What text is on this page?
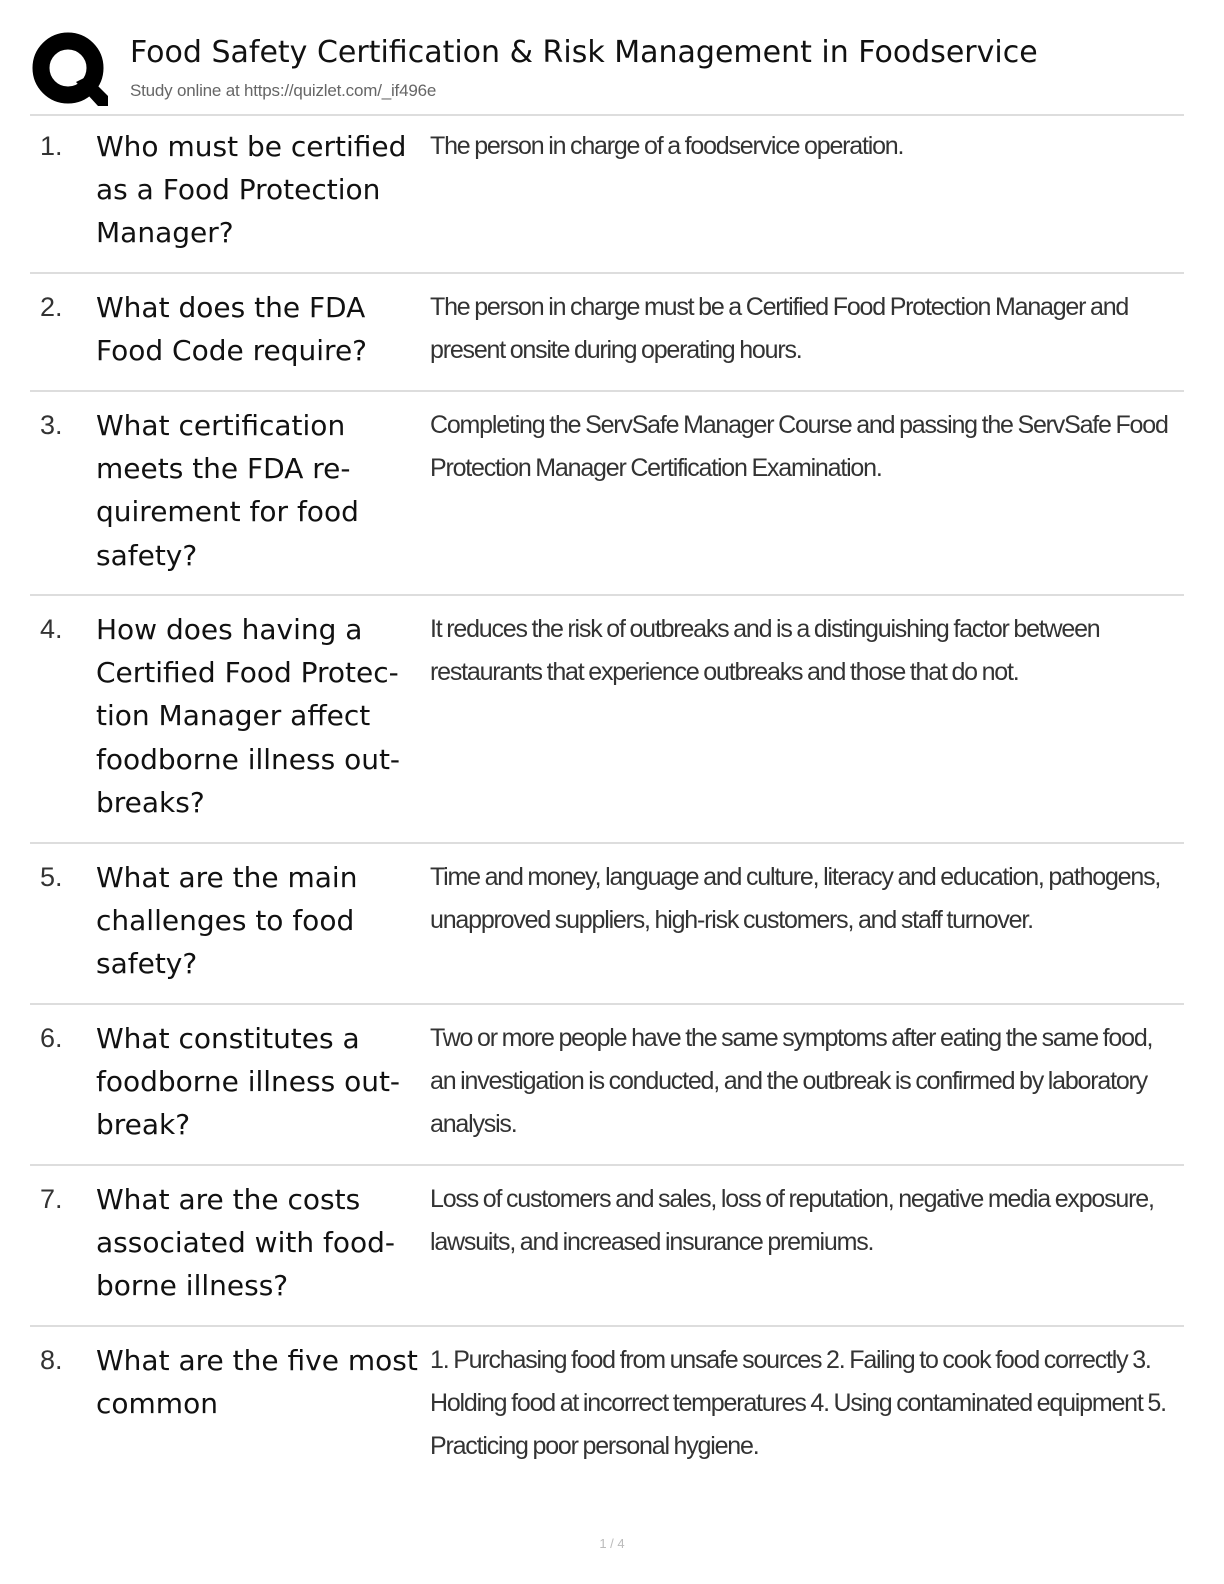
Food Safety Certification & Risk Management in Foodservice
Study online at https://quizlet.com/_if496e
1.	Who must be certified as a Food Protection Manager?
The person in charge of a foodservice operation.
2.	What does the FDA Food Code require?
The person in charge must be a Certified Food Protection Manager and present onsite during operating hours.
3.	What certification meets the FDA re-quirement for food safety?
Completing the ServSafe Manager Course and passing the ServSafe Food Protection Manager Certification Examination.
4.	How does having a Certified Food Protec-tion Manager affect foodborne illness out-breaks?
It reduces the risk of outbreaks and is a distinguishing factor between restaurants that experience outbreaks and those that do not.
5.	What are the main challenges to food safety?
Time and money, language and culture, literacy and education, pathogens, unapproved suppliers, high-risk customers, and staff turnover.
6.	What constitutes a foodborne illness out-break?
Two or more people have the same symptoms after eating the same food, an investigation is conducted, and the outbreak is confirmed by laboratory analysis.
7.	What are the costs associated with food-borne illness?
Loss of customers and sales, loss of reputation, negative media exposure, lawsuits, and increased insurance premiums.
8.	What are the five most common
1. Purchasing food from unsafe sources 2. Failing to cook food correctly 3. Holding food at incorrect temperatures 4. Using contaminated equipment 5. Practicing poor personal hygiene.
1 / 4
